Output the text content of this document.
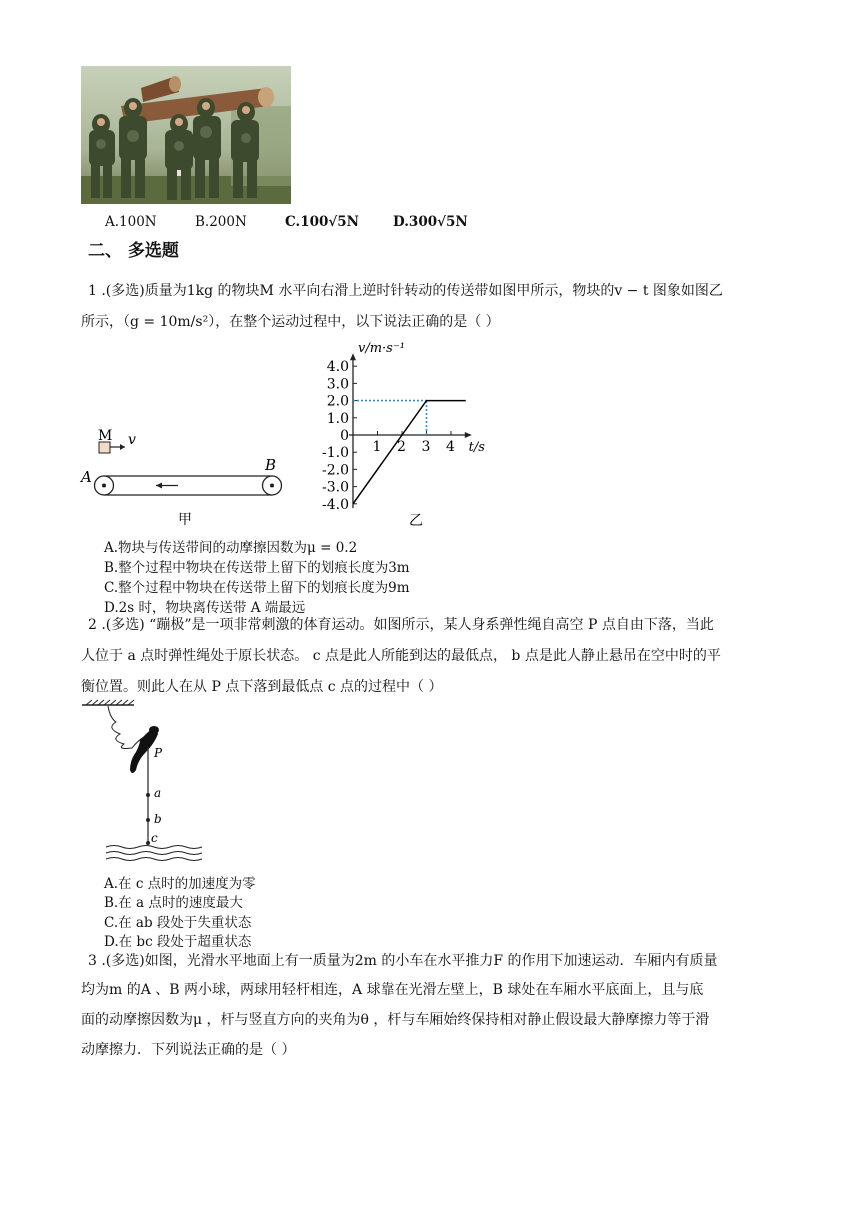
A.100N	B.200N	C.100√5N	D.300√5N
二、 多选题
1 .(多选)质量为1kg 的物块M 水平向右滑上逆时针转动的传送带如图甲所示，物块的v − t 图象如图乙
所示，（g = 10m/s²），在整个运动过程中，以下说法正确的是（ ）
M v
A
B
甲
v/m·s⁻¹
t/s
4.0
3.0
2.0
1.0
0
-1.0
-2.0
-3.0
-4.0
1 2 3 4
乙
A.物块与传送带间的动摩擦因数为μ = 0.2
B.整个过程中物块在传送带上留下的划痕长度为3m
C.整个过程中物块在传送带上留下的划痕长度为9m
D.2s 时，物块离传送带 A 端最远
2 .(多选) “蹦极”是一项非常刺激的体育运动。如图所示，某人身系弹性绳自高空 P 点自由下落，当此
人位于 a 点时弹性绳处于原长状态。 c 点是此人所能到达的最低点， b 点是此人静止悬吊在空中时的平
衡位置。则此人在从 P 点下落到最低点 c 点的过程中（ ）
P
a
b
c
A.在 c 点时的加速度为零
B.在 a 点时的速度最大
C.在 ab 段处于失重状态
D.在 bc 段处于超重状态
3 .(多选)如图，光滑水平地面上有一质量为2m 的小车在水平推力F 的作用下加速运动．车厢内有质量
均为m 的A 、B 两小球，两球用轻杆相连，A 球靠在光滑左壁上，B 球处在车厢水平底面上，且与底
面的动摩擦因数为μ ，杆与竖直方向的夹角为θ ，杆与车厢始终保持相对静止假设最大静摩擦力等于滑
动摩擦力．下列说法正确的是（ ）
